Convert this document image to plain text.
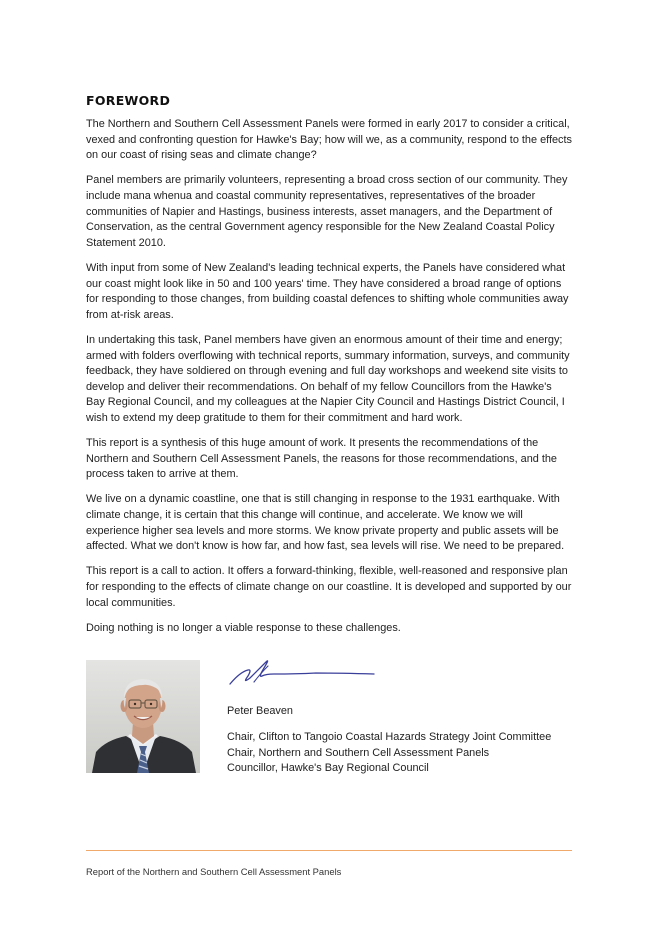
FOREWORD

The Northern and Southern Cell Assessment Panels were formed in early 2017 to consider a critical, vexed and confronting question for Hawke's Bay; how will we, as a community, respond to the effects on our coast of rising seas and climate change?

Panel members are primarily volunteers, representing a broad cross section of our community. They include mana whenua and coastal community representatives, representatives of the broader communities of Napier and Hastings, business interests, asset managers, and the Department of Conservation, as the central Government agency responsible for the New Zealand Coastal Policy Statement 2010.

With input from some of New Zealand's leading technical experts, the Panels have considered what our coast might look like in 50 and 100 years' time. They have considered a broad range of options for responding to those changes, from building coastal defences to shifting whole communities away from at-risk areas.

In undertaking this task, Panel members have given an enormous amount of their time and energy; armed with folders overflowing with technical reports, summary information, surveys, and community feedback, they have soldiered on through evening and full day workshops and weekend site visits to develop and deliver their recommendations. On behalf of my fellow Councillors from the Hawke's Bay Regional Council, and my colleagues at the Napier City Council and Hastings District Council, I wish to extend my deep gratitude to them for their commitment and hard work.

This report is a synthesis of this huge amount of work. It presents the recommendations of the Northern and Southern Cell Assessment Panels, the reasons for those recommendations, and the process taken to arrive at them.

We live on a dynamic coastline, one that is still changing in response to the 1931 earthquake. With climate change, it is certain that this change will continue, and accelerate. We know we will experience higher sea levels and more storms. We know private property and public assets will be affected. What we don't know is how far, and how fast, sea levels will rise. We need to be prepared.

This report is a call to action. It offers a forward-thinking, flexible, well-reasoned and responsive plan for responding to the effects of climate change on our coastline. It is developed and supported by our local communities.

Doing nothing is no longer a viable response to these challenges.

Peter Beaven
Chair, Clifton to Tangoio Coastal Hazards Strategy Joint Committee
Chair, Northern and Southern Cell Assessment Panels
Councillor, Hawke's Bay Regional Council
Report of the Northern and Southern Cell Assessment Panels
